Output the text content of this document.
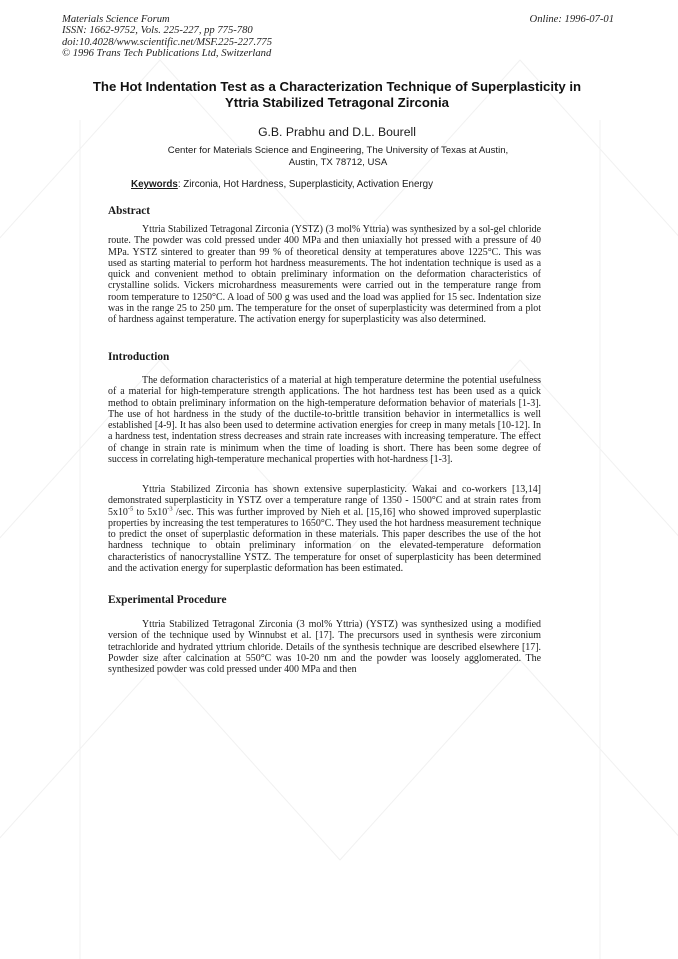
Materials Science Forum
ISSN: 1662-9752, Vols. 225-227, pp 775-780
doi:10.4028/www.scientific.net/MSF.225-227.775
© 1996 Trans Tech Publications Ltd, Switzerland
Online: 1996-07-01
The Hot Indentation Test as a Characterization Technique of Superplasticity in Yttria Stabilized Tetragonal Zirconia
G.B. Prabhu and D.L. Bourell
Center for Materials Science and Engineering, The University of Texas at Austin,
Austin, TX 78712, USA
Keywords: Zirconia, Hot Hardness, Superplasticity, Activation Energy
Abstract

Yttria Stabilized Tetragonal Zirconia (YSTZ) (3 mol% Yttria) was synthesized by a sol-gel chloride route. The powder was cold pressed under 400 MPa and then uniaxially hot pressed with a pressure of 40 MPa. YSTZ sintered to greater than 99 % of theoretical density at temperatures above 1225°C. This was used as starting material to perform hot hardness measurements. The hot indentation technique is used as a quick and convenient method to obtain preliminary information on the deformation characteristics of crystalline solids. Vickers microhardness measurements were carried out in the temperature range from room temperature to 1250°C. A load of 500 g was used and the load was applied for 15 sec. Indentation size was in the range 25 to 250 μm. The temperature for the onset of superplasticity was determined from a plot of hardness against temperature. The activation energy for superplasticity was also determined.

Introduction

The deformation characteristics of a material at high temperature determine the potential usefulness of a material for high-temperature strength applications. The hot hardness test has been used as a quick method to obtain preliminary information on the high-temperature deformation behavior of materials [1-3]. The use of hot hardness in the study of the ductile-to-brittle transition behavior in intermetallics is well established [4-9]. It has also been used to determine activation energies for creep in many metals [10-12]. In a hardness test, indentation stress decreases and strain rate increases with increasing temperature. The effect of change in strain rate is minimum when the time of loading is short. There has been some degree of success in correlating high-temperature mechanical properties with hot-hardness [1-3].

Yttria Stabilized Zirconia has shown extensive superplasticity. Wakai and co-workers [13,14] demonstrated superplasticity in YSTZ over a temperature range of 1350 - 1500°C and at strain rates from $5x10^{-5}$ to $5x10^{-3}$ /sec. This was further improved by Nieh et al. [15,16] who showed improved superplastic properties by increasing the test temperatures to 1650°C. They used the hot hardness measurement technique to predict the onset of superplastic deformation in these materials. This paper describes the use of the hot hardness technique to obtain preliminary information on the elevated-temperature deformation characteristics of nanocrystalline YSTZ. The temperature for onset of superplasticity has been determined and the activation energy for superplastic deformation has been estimated.

Experimental Procedure

Yttria Stabilized Tetragonal Zirconia (3 mol% Yttria) (YSTZ) was synthesized using a modified version of the technique used by Winnubst et al. [17]. The precursors used in synthesis were zirconium tetrachloride and hydrated yttrium chloride. Details of the synthesis technique are described elsewhere [17]. Powder size after calcination at 550°C was 10-20 nm and the powder was loosely agglomerated. The synthesized powder was cold pressed under 400 MPa and then
